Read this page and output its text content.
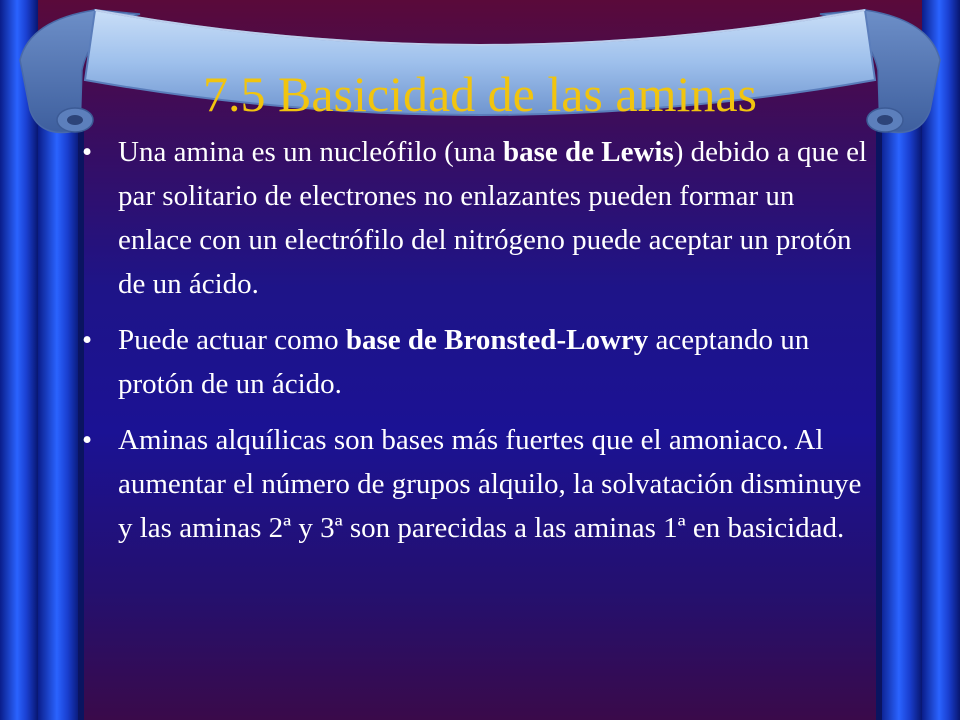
7.5 Basicidad de las aminas
• Una amina es un nucleófilo (una base de Lewis) debido a que el par solitario de electrones no enlazantes pueden formar un enlace con un electrófilo del nitrógeno puede aceptar un protón de un ácido.
• Puede actuar como base de Bronsted-Lowry aceptando un protón de un ácido.
• Aminas alquílicas son bases más fuertes que el amoniaco. Al aumentar el número de grupos alquilo, la solvatación disminuye y las aminas 2ª y 3ª son parecidas a las aminas 1ª en basicidad.
